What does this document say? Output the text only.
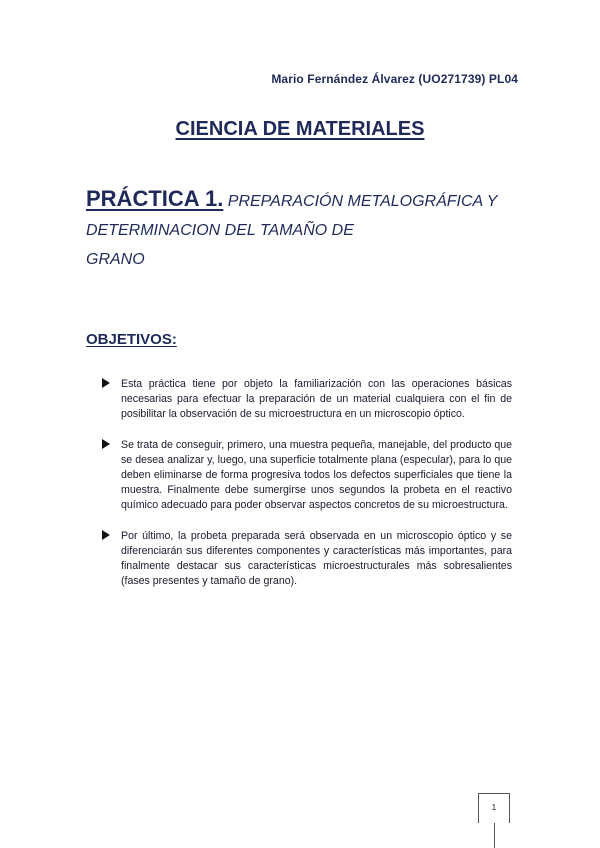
Mario Fernández Álvarez (UO271739) PL04
CIENCIA DE MATERIALES
PRÁCTICA 1. PREPARACIÓN METALOGRÁFICA Y
DETERMINACION DEL TAMAÑO DE
GRANO
OBJETIVOS:
Esta práctica tiene por objeto la familiarización con las operaciones básicas necesarias para efectuar la preparación de un material cualquiera con el fin de posibilitar la observación de su microestructura en un microscopio óptico.
Se trata de conseguir, primero, una muestra pequeña, manejable, del producto que se desea analizar y, luego, una superficie totalmente plana (especular), para lo que deben eliminarse de forma progresiva todos los defectos superficiales que tiene la muestra. Finalmente debe sumergirse unos segundos la probeta en el reactivo químico adecuado para poder observar aspectos concretos de su microestructura.
Por último, la probeta preparada será observada en un microscopio óptico y se diferenciarán sus diferentes componentes y características más importantes, para finalmente destacar sus características microestructurales más sobresalientes (fases presentes y tamaño de grano).
1
